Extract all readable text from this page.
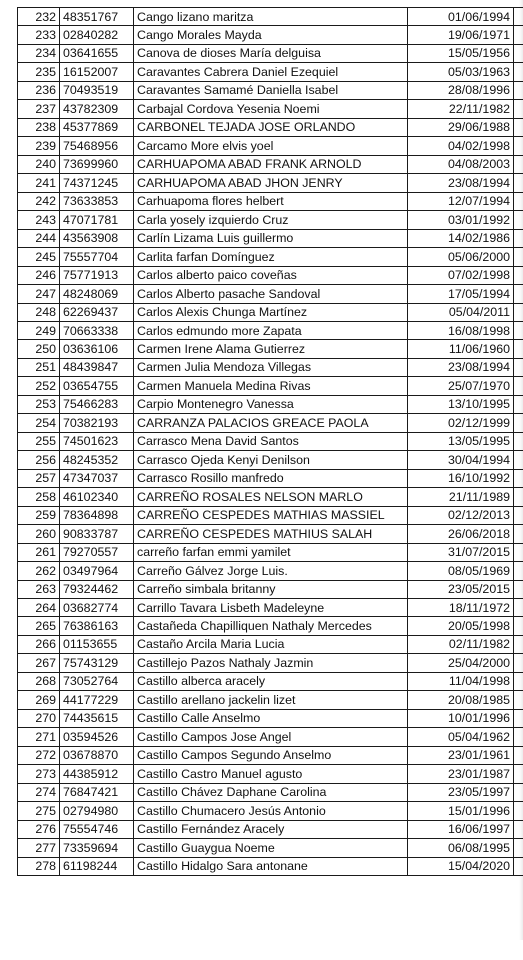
232	48351767	Cango lizano maritza	01/06/1994	
233	02840282	Cango Morales Mayda	19/06/1971	
234	03641655	Canova de dioses María delguisa	15/05/1956	
235	16152007	Caravantes Cabrera Daniel Ezequiel	05/03/1963	
236	70493519	Caravantes Samamé Daniella Isabel	28/08/1996	
237	43782309	Carbajal Cordova Yesenia Noemi	22/11/1982	
238	45377869	CARBONEL TEJADA JOSE ORLANDO	29/06/1988	
239	75468956	Carcamo More elvis yoel	04/02/1998	
240	73699960	CARHUAPOMA ABAD FRANK ARNOLD	04/08/2003	
241	74371245	CARHUAPOMA ABAD JHON JENRY	23/08/1994	
242	73633853	Carhuapoma flores helbert	12/07/1994	
243	47071781	Carla yosely izquierdo Cruz	03/01/1992	
244	43563908	Carlín Lizama Luis guillermo	14/02/1986	
245	75557704	Carlita farfan Domínguez	05/06/2000	
246	75771913	Carlos alberto paico coveñas	07/02/1998	
247	48248069	Carlos Alberto pasache Sandoval	17/05/1994	
248	62269437	Carlos Alexis Chunga Martínez	05/04/2011	
249	70663338	Carlos edmundo more Zapata	16/08/1998	
250	03636106	Carmen Irene Alama Gutierrez	11/06/1960	
251	48439847	Carmen Julia Mendoza Villegas	23/08/1994	
252	03654755	Carmen Manuela Medina Rivas	25/07/1970	
253	75466283	Carpio Montenegro Vanessa	13/10/1995	
254	70382193	CARRANZA PALACIOS GREACE PAOLA	02/12/1999	
255	74501623	Carrasco Mena David Santos	13/05/1995	
256	48245352	Carrasco Ojeda Kenyi Denilson	30/04/1994	
257	47347037	Carrasco Rosillo manfredo	16/10/1992	
258	46102340	CARREÑO ROSALES NELSON MARLO	21/11/1989	
259	78364898	CARREÑO CESPEDES MATHIAS MASSIEL	02/12/2013	
260	90833787	CARREÑO CESPEDES MATHIUS SALAH	26/06/2018	
261	79270557	carreño farfan emmi yamilet	31/07/2015	
262	03497964	Carreño Gálvez Jorge Luis.	08/05/1969	
263	79324462	Carreño simbala britanny	23/05/2015	
264	03682774	Carrillo Tavara Lisbeth Madeleyne	18/11/1972	
265	76386163	Castañeda Chapilliquen Nathaly Mercedes	20/05/1998	
266	01153655	Castaño Arcila Maria Lucia	02/11/1982	
267	75743129	Castillejo Pazos Nathaly Jazmin	25/04/2000	
268	73052764	Castillo alberca aracely	11/04/1998	
269	44177229	Castillo arellano jackelin lizet	20/08/1985	
270	74435615	Castillo Calle Anselmo	10/01/1996	
271	03594526	Castillo Campos Jose Angel	05/04/1962	
272	03678870	Castillo Campos Segundo Anselmo	23/01/1961	
273	44385912	Castillo Castro Manuel agusto	23/01/1987	
274	76847421	Castillo Chávez Daphane Carolina	23/05/1997	
275	02794980	Castillo Chumacero Jesús Antonio	15/01/1996	
276	75554746	Castillo Fernández Aracely	16/06/1997	
277	73359694	Castillo Guaygua Noeme	06/08/1995	
278	61198244	Castillo Hidalgo Sara antonane	15/04/2020	
